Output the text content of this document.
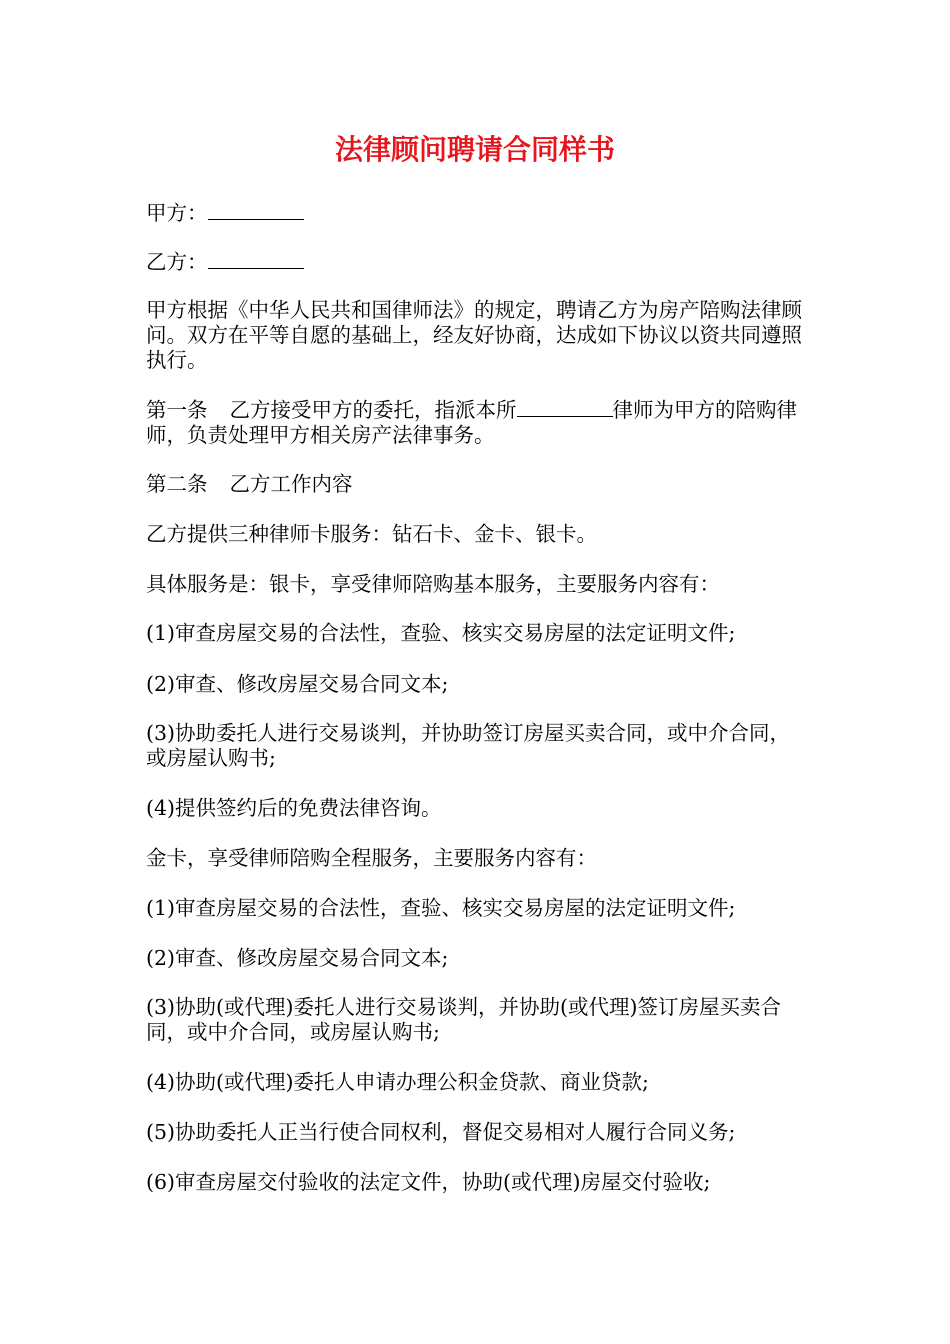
法律顾问聘请合同样书

甲方：

乙方：

甲方根据《中华人民共和国律师法》的规定，聘请乙方为房产陪购法律顾问。双方在平等自愿的基础上，经友好协商，达成如下协议以资共同遵照执行。

第一条 乙方接受甲方的委托，指派本所	律师为甲方的陪购律师，负责处理甲方相关房产法律事务。

第二条 乙方工作内容

乙方提供三种律师卡服务：钻石卡、金卡、银卡。

具体服务是：银卡，享受律师陪购基本服务，主要服务内容有：

(1)审查房屋交易的合法性，查验、核实交易房屋的法定证明文件;

(2)审查、修改房屋交易合同文本;

(3)协助委托人进行交易谈判，并协助签订房屋买卖合同，或中介合同，或房屋认购书;

(4)提供签约后的免费法律咨询。

金卡，享受律师陪购全程服务，主要服务内容有：

(1)审查房屋交易的合法性，查验、核实交易房屋的法定证明文件;

(2)审查、修改房屋交易合同文本;

(3)协助(或代理)委托人进行交易谈判，并协助(或代理)签订房屋买卖合同，或中介合同，或房屋认购书;

(4)协助(或代理)委托人申请办理公积金贷款、商业贷款;

(5)协助委托人正当行使合同权利，督促交易相对人履行合同义务;

(6)审查房屋交付验收的法定文件，协助(或代理)房屋交付验收;
